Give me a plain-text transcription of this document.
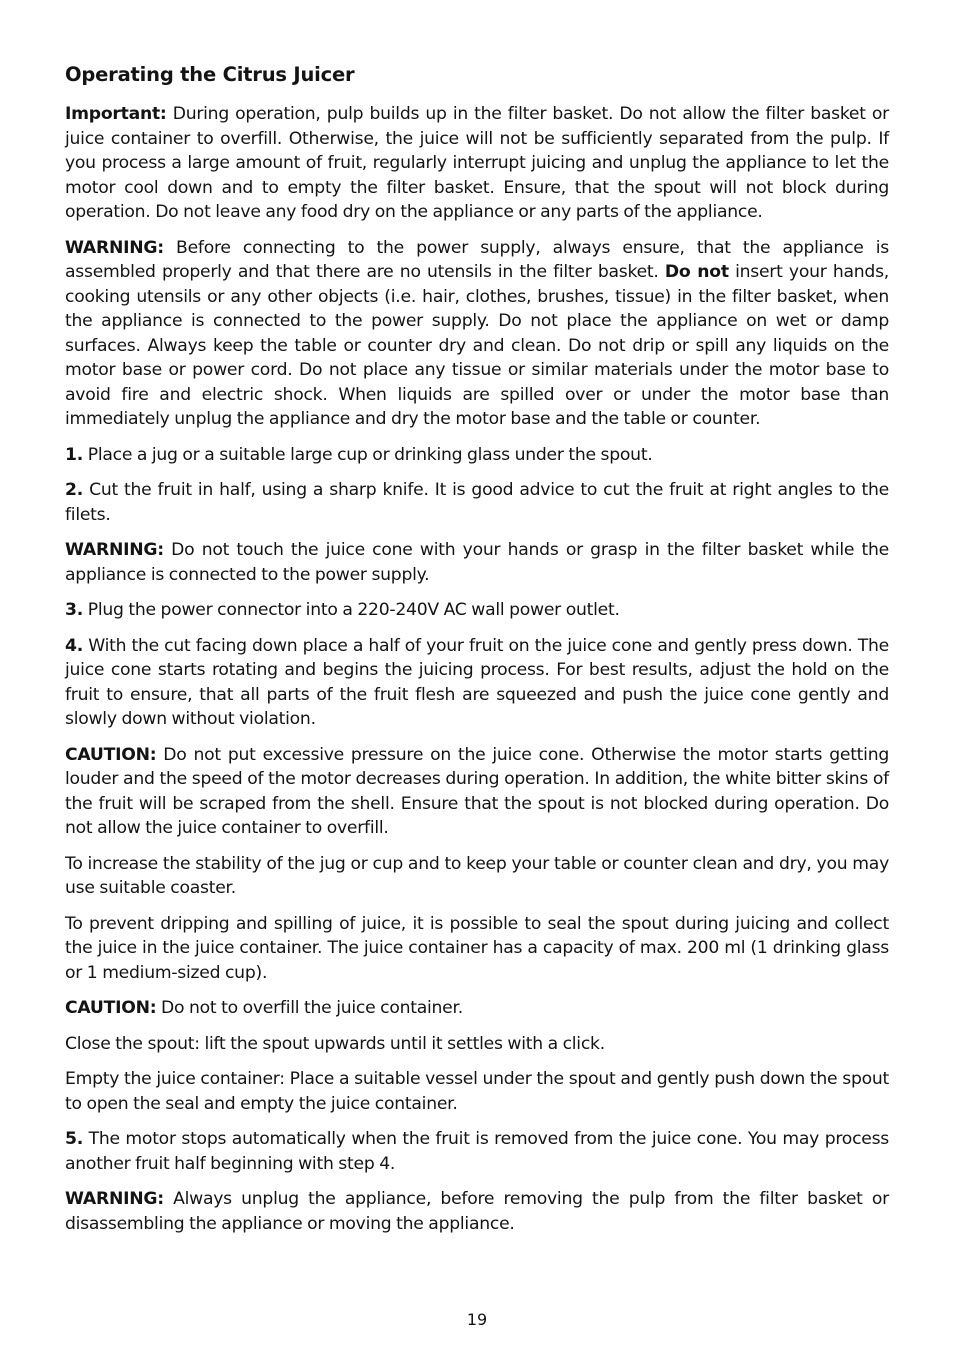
Operating the Citrus Juicer

Important: During operation, pulp builds up in the filter basket. Do not allow the filter basket or juice container to overfill. Otherwise, the juice will not be sufficiently separated from the pulp. If you process a large amount of fruit, regularly interrupt juicing and unplug the appliance to let the motor cool down and to empty the filter basket. Ensure, that the spout will not block during operation. Do not leave any food dry on the appliance or any parts of the appliance.

WARNING: Before connecting to the power supply, always ensure, that the appliance is assembled properly and that there are no utensils in the filter basket. Do not insert your hands, cooking utensils or any other objects (i.e. hair, clothes, brushes, tissue) in the filter basket, when the appliance is connected to the power supply. Do not place the appliance on wet or damp surfaces. Always keep the table or counter dry and clean. Do not drip or spill any liquids on the motor base or power cord. Do not place any tissue or similar materials under the motor base to avoid fire and electric shock. When liquids are spilled over or under the motor base than immediately unplug the appliance and dry the motor base and the table or counter.

1. Place a jug or a suitable large cup or drinking glass under the spout.

2. Cut the fruit in half, using a sharp knife. It is good advice to cut the fruit at right angles to the filets.

WARNING: Do not touch the juice cone with your hands or grasp in the filter basket while the appliance is connected to the power supply.

3. Plug the power connector into a 220-240V AC wall power outlet.

4. With the cut facing down place a half of your fruit on the juice cone and gently press down. The juice cone starts rotating and begins the juicing process. For best results, adjust the hold on the fruit to ensure, that all parts of the fruit flesh are squeezed and push the juice cone gently and slowly down without violation.

CAUTION: Do not put excessive pressure on the juice cone. Otherwise the motor starts getting louder and the speed of the motor decreases during operation. In addition, the white bitter skins of the fruit will be scraped from the shell. Ensure that the spout is not blocked during operation. Do not allow the juice container to overfill.

To increase the stability of the jug or cup and to keep your table or counter clean and dry, you may use suitable coaster.

To prevent dripping and spilling of juice, it is possible to seal the spout during juicing and collect the juice in the juice container. The juice container has a capacity of max. 200 ml (1 drinking glass or 1 medium-sized cup).

CAUTION: Do not to overfill the juice container.

Close the spout: lift the spout upwards until it settles with a click.

Empty the juice container: Place a suitable vessel under the spout and gently push down the spout to open the seal and empty the juice container.

5. The motor stops automatically when the fruit is removed from the juice cone. You may process another fruit half beginning with step 4.

WARNING: Always unplug the appliance, before removing the pulp from the filter basket or disassembling the appliance or moving the appliance.

19
